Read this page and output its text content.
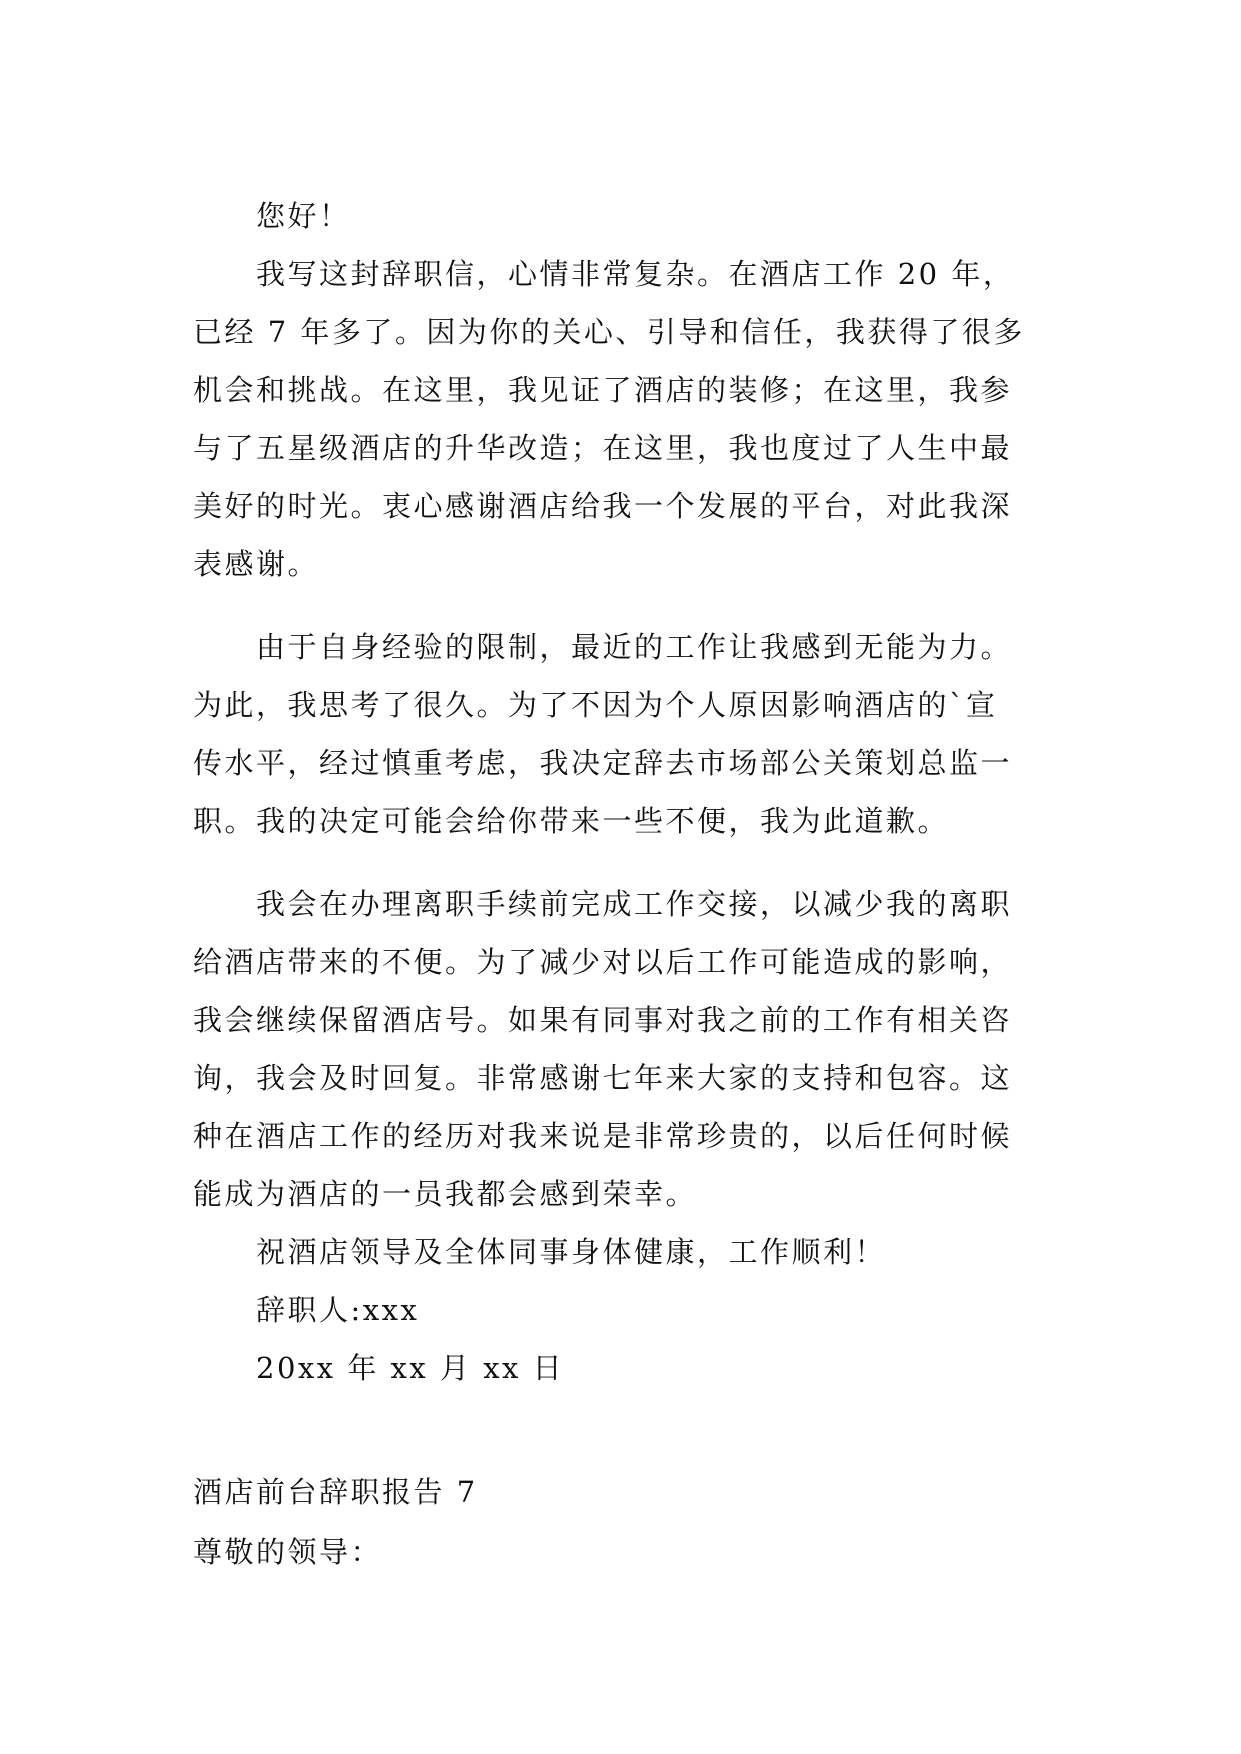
您好！
我写这封辞职信，心情非常复杂。在酒店工作 20 年，
已经 7 年多了。因为你的关心、引导和信任，我获得了很多
机会和挑战。在这里，我见证了酒店的装修；在这里，我参
与了五星级酒店的升华改造；在这里，我也度过了人生中最
美好的时光。衷心感谢酒店给我一个发展的平台，对此我深
表感谢。
由于自身经验的限制，最近的工作让我感到无能为力。
为此，我思考了很久。为了不因为个人原因影响酒店的`宣
传水平，经过慎重考虑，我决定辞去市场部公关策划总监一
职。我的决定可能会给你带来一些不便，我为此道歉。
我会在办理离职手续前完成工作交接，以减少我的离职
给酒店带来的不便。为了减少对以后工作可能造成的影响，
我会继续保留酒店号。如果有同事对我之前的工作有相关咨
询，我会及时回复。非常感谢七年来大家的支持和包容。这
种在酒店工作的经历对我来说是非常珍贵的，以后任何时候
能成为酒店的一员我都会感到荣幸。
祝酒店领导及全体同事身体健康，工作顺利！
辞职人:xxx
20xx 年 xx 月 xx 日
酒店前台辞职报告 7
尊敬的领导：
